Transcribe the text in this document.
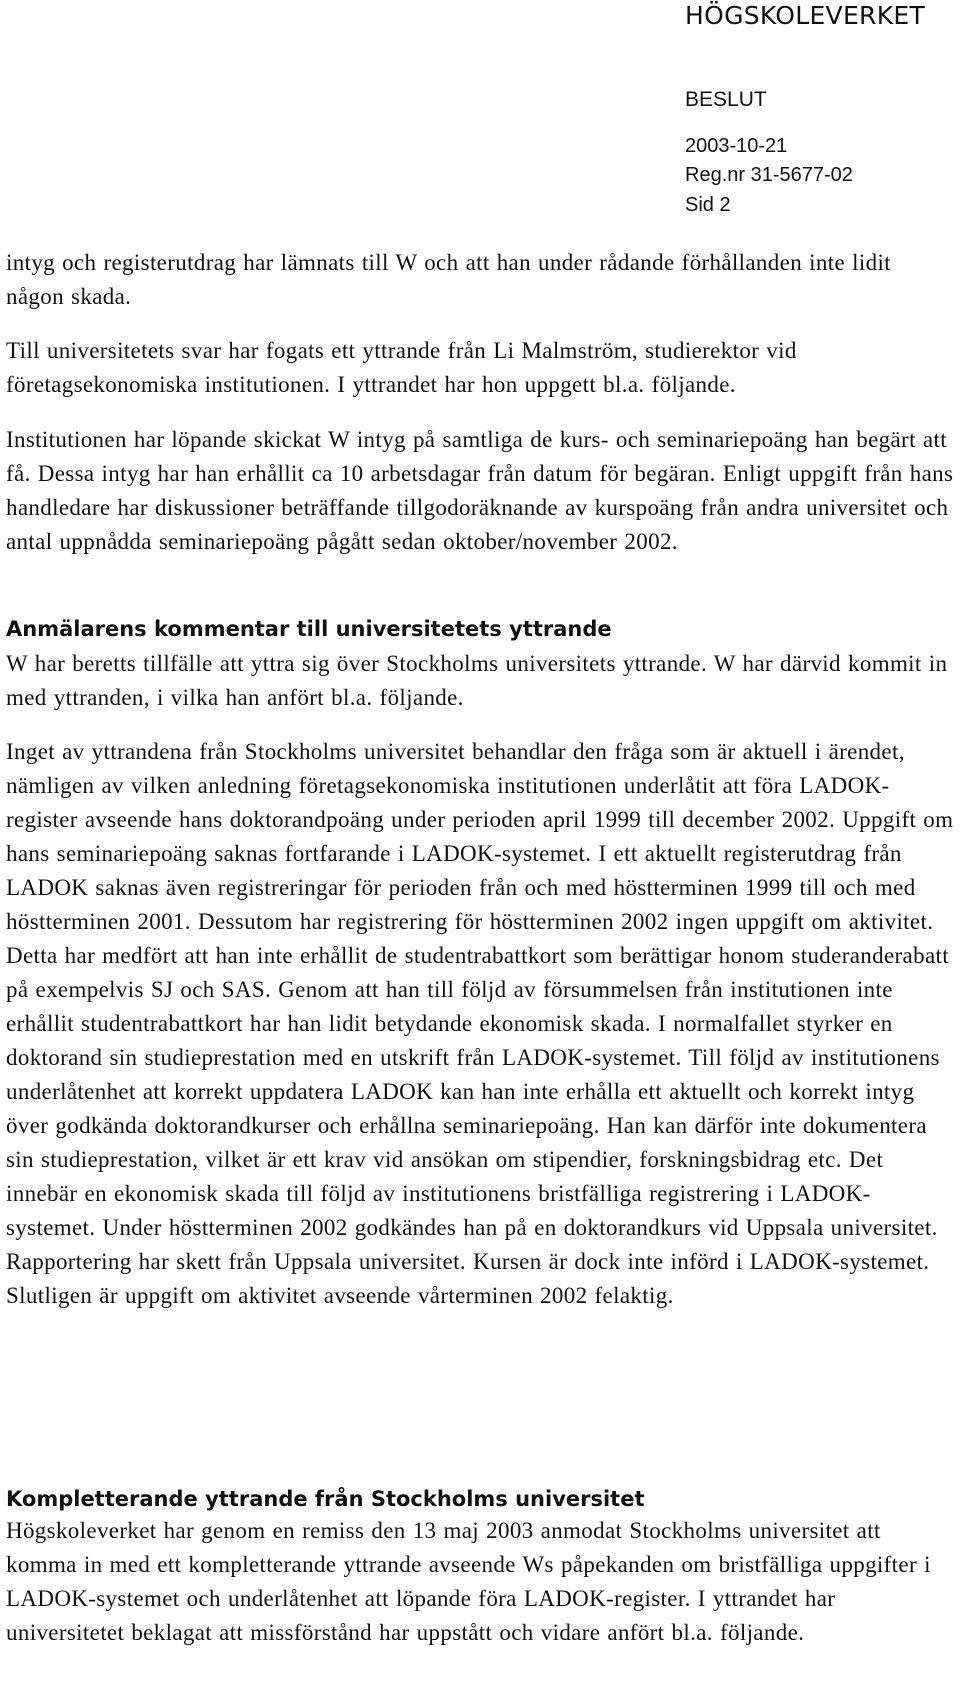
HÖGSKOLEVERKET
BESLUT
2003-10-21
Reg.nr 31-5677-02
Sid 2

intyg och registerutdrag har lämnats till W och att han under rådande förhållanden inte lidit någon skada.

Till universitetets svar har fogats ett yttrande från Li Malmström, studierektor vid företagsekonomiska institutionen. I yttrandet har hon uppgett bl.a. följande.

Institutionen har löpande skickat W intyg på samtliga de kurs- och seminariepoäng han begärt att få. Dessa intyg har han erhållit ca 10 arbetsdagar från datum för begäran. Enligt uppgift från hans handledare har diskussioner beträffande tillgodoräknande av kurspoäng från andra universitet och antal uppnådda seminariepoäng pågått sedan oktober/november 2002.

Anmälarens kommentar till universitetets yttrande

W har beretts tillfälle att yttra sig över Stockholms universitets yttrande. W har därvid kommit in med yttranden, i vilka han anfört bl.a. följande.

Inget av yttrandena från Stockholms universitet behandlar den fråga som är aktuell i ärendet, nämligen av vilken anledning företagsekonomiska institutionen underlåtit att föra LADOK-register avseende hans doktorandpoäng under perioden april 1999 till december 2002. Uppgift om hans seminariepoäng saknas fortfarande i LADOK-systemet. I ett aktuellt registerutdrag från LADOK saknas även registreringar för perioden från och med höstterminen 1999 till och med höstterminen 2001. Dessutom har registrering för höstterminen 2002 ingen uppgift om aktivitet. Detta har medfört att han inte erhållit de studentrabattkort som berättigar honom studeranderabatt på exempelvis SJ och SAS. Genom att han till följd av försummelsen från institutionen inte erhållit studentrabattkort har han lidit betydande ekonomisk skada. I normalfallet styrker en doktorand sin studieprestation med en utskrift från LADOK-systemet. Till följd av institutionens underlåtenhet att korrekt uppdatera LADOK kan han inte erhålla ett aktuellt och korrekt intyg över godkända doktorandkurser och erhållna seminariepoäng. Han kan därför inte dokumentera sin studieprestation, vilket är ett krav vid ansökan om stipendier, forskningsbidrag etc. Det innebär en ekonomisk skada till följd av institutionens bristfälliga registrering i LADOK-systemet. Under höstterminen 2002 godkändes han på en doktorandkurs vid Uppsala universitet. Rapportering har skett från Uppsala universitet. Kursen är dock inte införd i LADOK-systemet. Slutligen är uppgift om aktivitet avseende vårterminen 2002 felaktig.

Kompletterande yttrande från Stockholms universitet

Högskoleverket har genom en remiss den 13 maj 2003 anmodat Stockholms universitet att komma in med ett kompletterande yttrande avseende Ws påpekanden om bristfälliga uppgifter i LADOK-systemet och underlåtenhet att löpande föra LADOK-register. I yttrandet har universitetet beklagat att missförstånd har uppstått och vidare anfört bl.a. följande.
